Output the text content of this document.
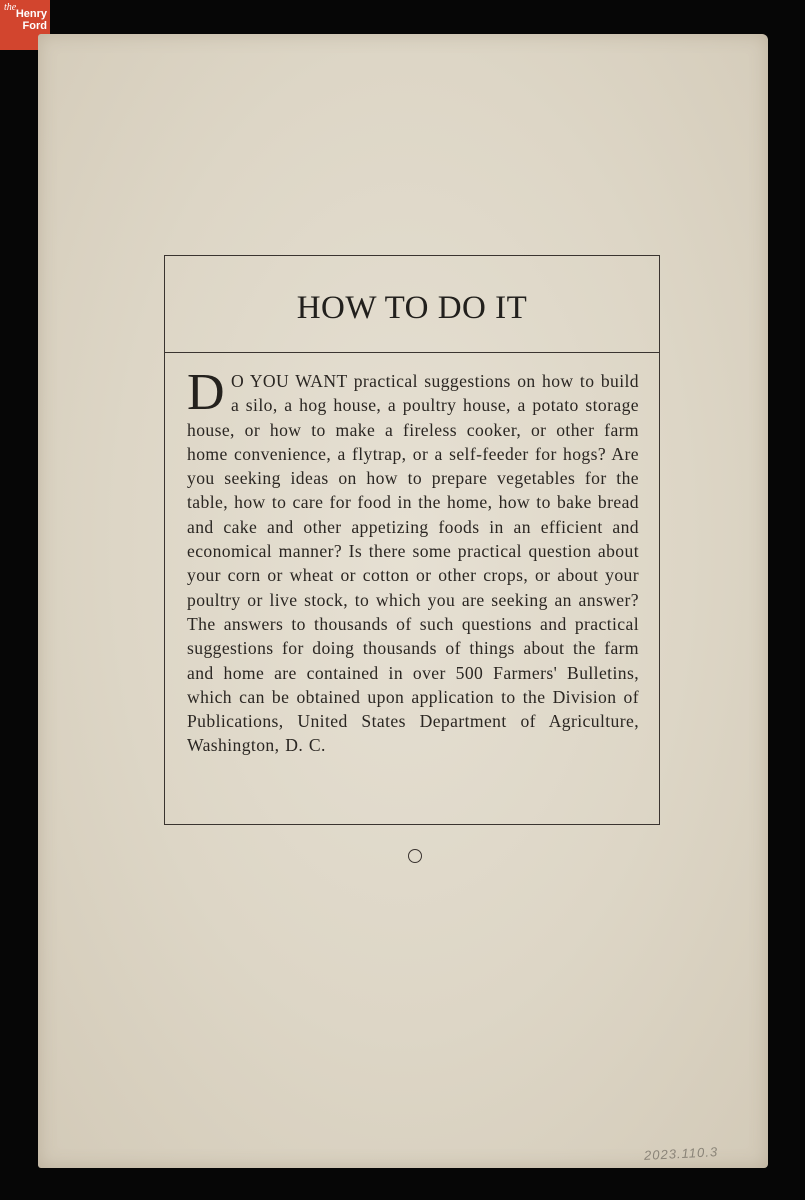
the
Henry
Ford
HOW TO DO IT
D O YOU WANT practical suggestions on how to build a silo, a hog house, a poultry house, a potato storage house, or how to make a fireless cooker, or other farm home convenience, a flytrap, or a self-feeder for hogs? Are you seeking ideas on how to prepare vegetables for the table, how to care for food in the home, how to bake bread and cake and other appetizing foods in an efficient and economical manner? Is there some practical question about your corn or wheat or cotton or other crops, or about your poultry or live stock, to which you are seeking an answer? The answers to thousands of such questions and practical suggestions for doing thousands of things about the farm and home are contained in over 500 Farmers' Bulletins, which can be obtained upon application to the Division of Publications, United States Department of Agriculture, Washington, D. C.
2023.110.3
